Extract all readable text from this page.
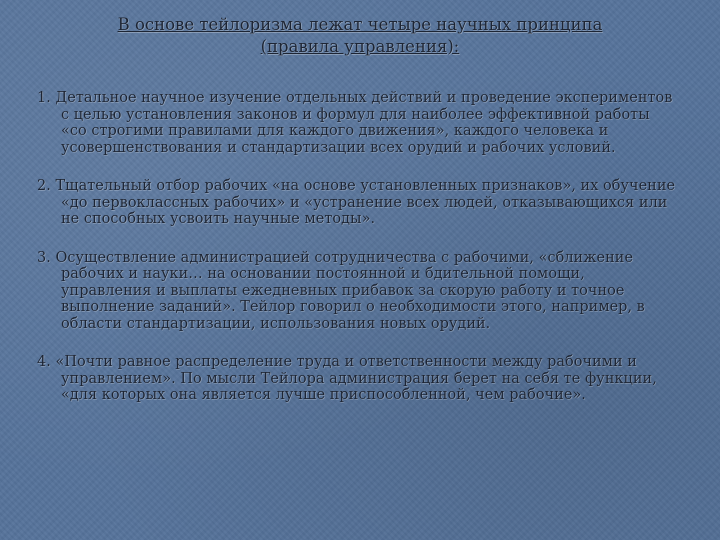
В основе тейлоризма лежат четыре научных принципа
(правила управления):
1. Детальное научное изучение отдельных действий и проведение экспериментов с целью установления законов и формул для наиболее эффективной работы «со строгими правилами для каждого движения», каждого человека и усовершенствования и стандартизации всех орудий и рабочих условий.
2. Тщательный отбор рабочих «на основе установленных признаков», их обучение «до первоклассных рабочих» и «устранение всех людей, отказывающихся или не способных усвоить научные методы».
3. Осуществление администрацией сотрудничества с рабочими, «сближение рабочих и науки… на основании постоянной и бдительной помощи, управления и выплаты ежедневных прибавок за скорую работу и точное выполнение заданий». Тейлор говорил о необходимости этого, например, в области стандартизации, использования новых орудий.
4. «Почти равное распределение труда и ответственности между рабочими и управлением». По мысли Тейлора администрация берет на себя те функции, «для которых она является лучше приспособленной, чем рабочие».
